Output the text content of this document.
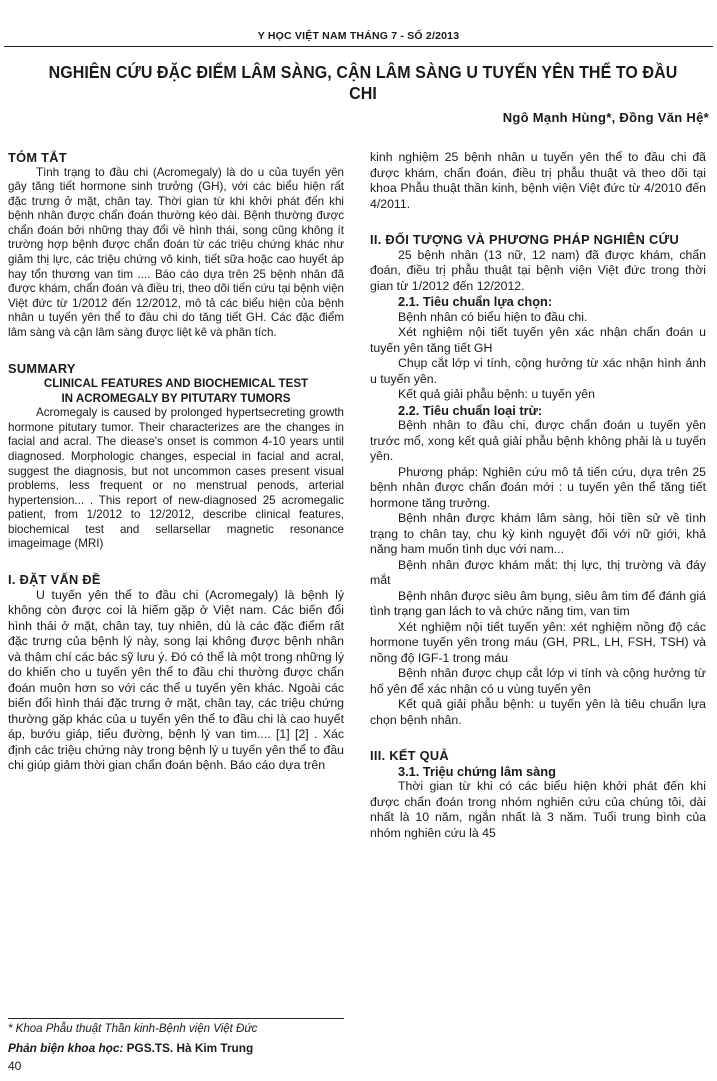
Y HỌC VIỆT NAM THÁNG 7 - SỐ 2/2013
NGHIÊN CỨU ĐẶC ĐIỂM LÂM SÀNG, CẬN LÂM SÀNG U TUYẾN YÊN THỂ TO ĐẦU CHI
Ngô Mạnh Hùng*, Đồng Văn Hệ*
TÓM TẮT

Tình trạng to đầu chi (Acromegaly) là do u của tuyến yên gây tăng tiết hormone sinh trưởng (GH), với các biểu hiện rất đặc trưng ở mặt, chân tay. Thời gian từ khi khởi phát đến khi bệnh nhân được chẩn đoán thường kéo dài. Bệnh thường được chẩn đoán bởi những thay đổi về hình thái, song cũng không ít trường hợp bệnh được chẩn đoán từ các triệu chứng khác như giảm thị lực, các triệu chứng vô kinh, tiết sữa hoặc cao huyết áp hay tổn thương van tim .... Báo cáo dựa trên 25 bệnh nhân đã được khám, chẩn đoán và điều trị, theo dõi tiến cứu tại bệnh viện Việt đức từ 1/2012 đến 12/2012, mô tả các biểu hiện của bệnh nhân u tuyến yên thể to đầu chi do tăng tiết GH. Các đặc điểm lâm sàng và cận lâm sàng được liệt kê và phân tích.

SUMMARY
CLINICAL FEATURES AND BIOCHEMICAL TEST
IN ACROMEGALY BY PITUTARY TUMORS

Acromegaly is caused by prolonged hypertsecreting growth hormone pitutary tumor. Their characterizes are the changes in facial and acral. The diease's onset is common 4-10 years until diagnosed. Morphologic changes, especial in facial and acral, suggest the diagnosis, but not uncommon cases present visual problems, less frequent or no menstrual penods, arterial hypertension... . This report of new-diagnosed 25 acromegalic patient, from 1/2012 to 12/2012, describe clinical features, biochemical test and sellarsellar magnetic resonance imageimage (MRI)

I. ĐẶT VẤN ĐỀ

U tuyến yên thể to đầu chi (Acromegaly) là bệnh lý không còn được coi là hiếm gặp ở Việt nam. Các biến đổi hình thái ở mặt, chân tay, tuy nhiên, dù là các đặc điểm rất đặc trưng của bệnh lý này, song lại không được bệnh nhân và thậm chí các bác sỹ lưu ý. Đó có thể là một trong những lý do khiến cho u tuyến yên thể to đầu chi thường được chẩn đoán muộn hơn so với các thể u tuyến yên khác. Ngoài các biến đổi hình thái đặc trưng ở mặt, chân tay, các triệu chứng thường gặp khác của u tuyến yên thể to đầu chi là cao huyết áp, bướu giáp, tiểu đường, bệnh lý van tim.... [1] [2] . Xác định các triệu chứng này trong bệnh lý u tuyến yên thể to đầu chi giúp giảm thời gian chẩn đoán bệnh. Báo cáo dựa trên

kinh nghiệm 25 bệnh nhân u tuyến yên thể to đầu chi đã được khám, chẩn đoán, điều trị phẫu thuật và theo dõi tại khoa Phẫu thuật thần kinh, bệnh viện Việt đức từ 4/2010 đến 4/2011.

II. ĐỐI TƯỢNG VÀ PHƯƠNG PHÁP NGHIÊN CỨU

25 bệnh nhân (13 nữ, 12 nam) đã được khám, chẩn đoán, điều trị phẫu thuật tại bệnh viện Việt đức trong thời gian từ 1/2012 đến 12/2012.

2.1. Tiêu chuẩn lựa chọn:

Bệnh nhân có biểu hiện to đầu chi.

Xét nghiệm nội tiết tuyến yên xác nhận chẩn đoán u tuyến yên tăng tiết GH

Chụp cắt lớp vi tính, cộng hưởng từ xác nhận hình ảnh u tuyến yên.

Kết quả giải phẫu bệnh: u tuyến yên

2.2. Tiêu chuẩn loại trừ:

Bệnh nhân to đầu chi, được chẩn đoán u tuyến yên trước mổ, xong kết quả giải phẫu bệnh không phải là u tuyến yên.

Phương pháp: Nghiên cứu mô tả tiến cứu, dựa trên 25 bệnh nhân được chẩn đoán mới : u tuyến yên thể tăng tiết hormone tăng trưởng.

Bệnh nhân được khám lâm sàng, hỏi tiền sử về tình trạng to chân tay, chu kỳ kinh nguyệt đối với nữ giới, khả năng ham muốn tình dục với nam...

Bệnh nhân được khám mắt: thị lực, thị trường và đáy mắt

Bệnh nhân được siêu âm bụng, siêu âm tim để đánh giá tình trạng gan lách to và chức năng tim, van tim

Xét nghiệm nội tiết tuyến yên: xét nghiệm nồng độ các hormone tuyến yên trong máu (GH, PRL, LH, FSH, TSH) và nồng độ IGF-1 trong máu

Bệnh nhân được chụp cắt lớp vi tính và cộng hưởng từ hố yên để xác nhận có u vùng tuyến yên

Kết quả giải phẫu bệnh: u tuyến yên là tiêu chuẩn lựa chọn bệnh nhân.

III. KẾT QUẢ
3.1. Triệu chứng lâm sàng

Thời gian từ khi có các biểu hiện khởi phát đến khi được chẩn đoán trong nhóm nghiên cứu của chúng tôi, dài nhất là 10 năm, ngắn nhất là 3 năm. Tuổi trung bình của nhóm nghiên cứu là 45

* Khoa Phẫu thuật Thần kinh-Bệnh viện Việt Đức
Phản biện khoa học: PGS.TS. Hà Kim Trung
40
